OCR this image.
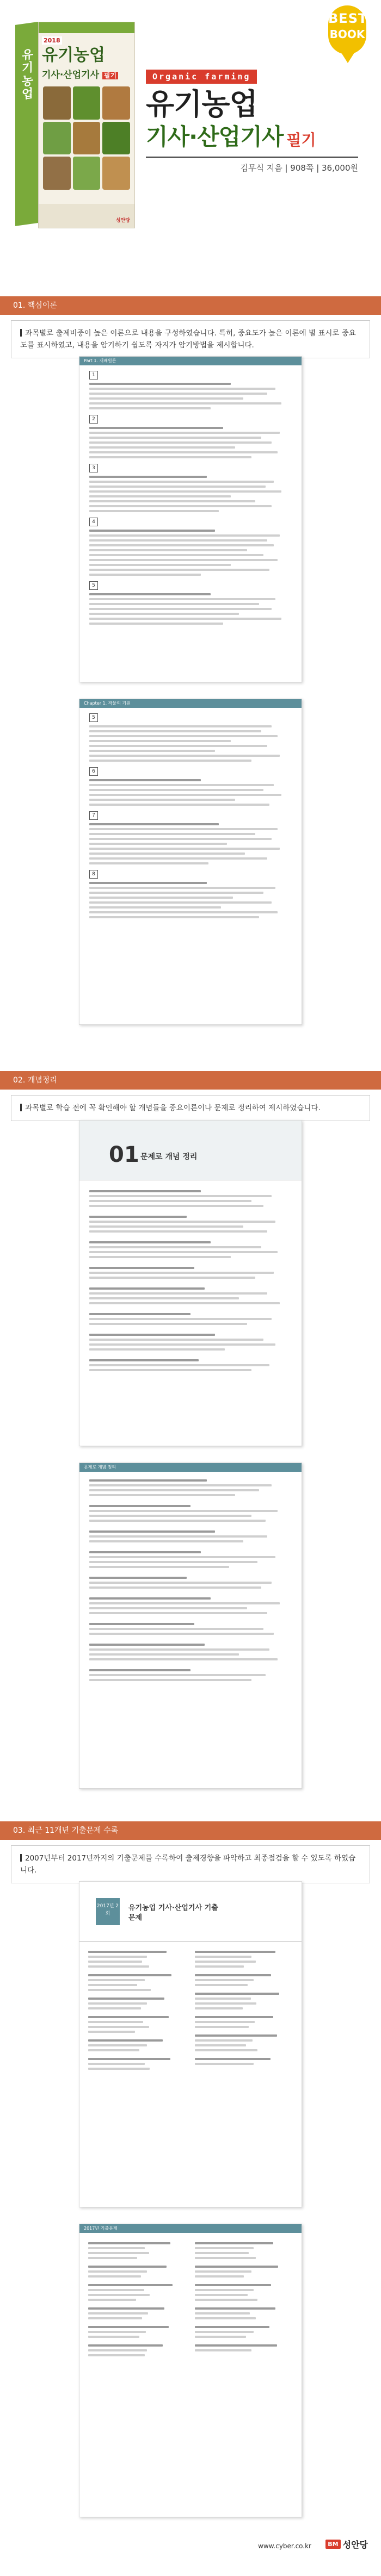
유기농업
2018
유기농업
기사·산업기사 필기
성안당
Organic farming
유기농업
기사·산업기사 필기
김무식 지음 | 908쪽 | 36,000원
BEST
BOOK
01. 핵심이론
과목별로 출제비중이 높은 이론으로 내용을 구성하였습니다. 특히, 중요도가 높은 이론에 별 표시로 중요도를 표시하였고, 내용을 암기하기 쉽도록 자지가 암기방법을 제시합니다.
Part 1. 재배원론
1
2
3
4
5
Chapter 1. 작물의 기원
5
6
7
8
02. 개념정리
과목별로 학습 전에 꼭 확인해야 할 개념들을 중요이론이나 문제로 정리하여 제시하였습니다.
01 문제로 개념 정리
문제로 개념 정리
03. 최근 11개년 기출문제 수록
2007년부터 2017년까지의 기출문제를 수록하여 출제경향을 파악하고 최종점검을 할 수 있도록 하였습니다.
2017년 2회
유기농업 기사·산업기사 기출문제
2017년 기출문제
www.cyber.co.kr	BM 성안당
